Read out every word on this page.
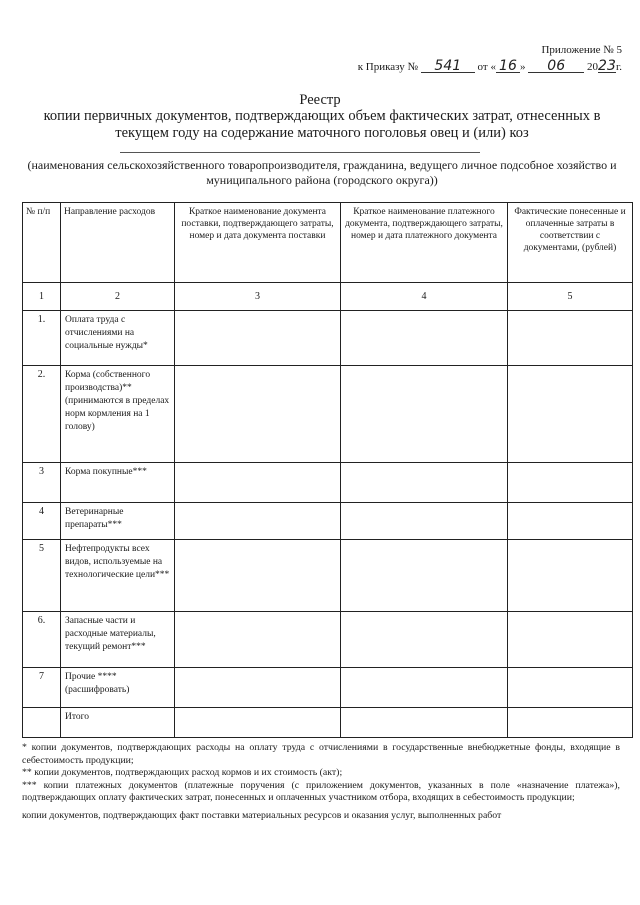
Приложение № 5
к Приказу № 541 от « 16 » 06 2023г.
Реестр
копии первичных документов, подтверждающих объем фактических затрат, отнесенных в текущем году на содержание маточного поголовья овец и (или) коз
(наименования сельскохозяйственного товаропроизводителя, гражданина, ведущего личное подсобное хозяйство и муниципального района (городского округа))
№ п/п	Направление расходов	Краткое наименование документа поставки, подтверждающего затраты, номер и дата документа поставки	Краткое наименование платежного документа, подтверждающего затраты, номер и дата платежного документа	Фактические понесенные и оплаченные затраты в соответствии с документами, (рублей)
1	2	3	4	5
1.	Оплата труда с отчислениями на социальные нужды*			
2.	Корма (собственного производства)** (принимаются в пределах норм кормления на 1 голову)			
3	Корма покупные***			
4	Ветеринарные препараты***			
5	Нефтепродукты всех видов, используемые на технологические цели***			
6.	Запасные части и расходные материалы, текущий ремонт***			
7	Прочие **** (расшифровать)			
	Итого			

* копии документов, подтверждающих расходы на оплату труда с отчислениями в государственные внебюджетные фонды, входящие в себестоимость продукции;

** копии документов, подтверждающих расход кормов и их стоимость (акт);

*** копии платежных документов (платежные поручения (с приложением документов, указанных в поле «назначение платежа»), подтверждающих оплату фактических затрат, понесенных и оплаченных участником отбора, входящих в себестоимость продукции;

копии документов, подтверждающих факт поставки материальных ресурсов и оказания услуг, выполненных работ
